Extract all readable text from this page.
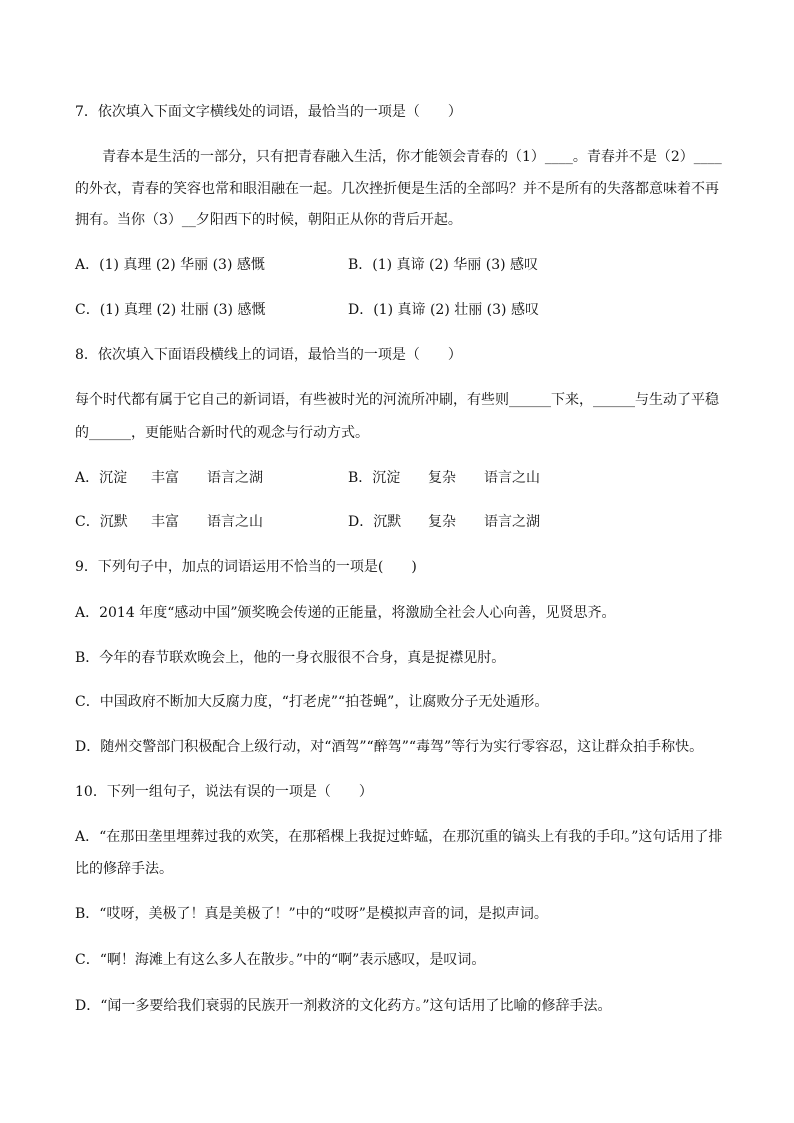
7．依次填入下面文字横线处的词语，最恰当的一项是（　　）
青春本是生活的一部分，只有把青春融入生活，你才能领会青春的（1）____。青春并不是（2）____
的外衣，青春的笑容也常和眼泪融在一起。几次挫折便是生活的全部吗？并不是所有的失落都意味着不再
拥有。当你（3）__夕阳西下的时候，朝阳正从你的背后开起。
A．(1) 真理 (2) 华丽 (3) 感慨	B．(1) 真谛 (2) 华丽 (3) 感叹
C．(1) 真理 (2) 壮丽 (3) 感慨	D．(1) 真谛 (2) 壮丽 (3) 感叹
8．依次填入下面语段横线上的词语，最恰当的一项是（　　）
每个时代都有属于它自己的新词语，有些被时光的河流所冲刷，有些则______下来，______与生动了平稳
的______，更能贴合新时代的观念与行动方式。
A．沉淀 丰富 语言之湖	B．沉淀 复杂 语言之山
C．沉默 丰富 语言之山	D．沉默 复杂 语言之湖
9．下列句子中，加点的词语运用不恰当的一项是(　　)
A．2014 年度“感动中国”颁奖晚会传递的正能量，将激励全社会人心向善，见贤思齐。
B．今年的春节联欢晚会上，他的一身衣服很不合身，真是捉襟见肘。
C．中国政府不断加大反腐力度，“打老虎”“拍苍蝇”，让腐败分子无处遁形。
D．随州交警部门积极配合上级行动，对“酒驾”“醉驾”“毒驾”等行为实行零容忍，这让群众拍手称快。
10．下列一组句子，说法有误的一项是（　　）
A．“在那田垄里埋葬过我的欢笑，在那稻棵上我捉过蚱蜢，在那沉重的镐头上有我的手印。”这句话用了排
比的修辞手法。
B．“哎呀，美极了！真是美极了！”中的“哎呀”是模拟声音的词，是拟声词。
C．“啊！海滩上有这么多人在散步。”中的“啊”表示感叹，是叹词。
D．“闻一多要给我们衰弱的民族开一剂救济的文化药方。”这句话用了比喻的修辞手法。
